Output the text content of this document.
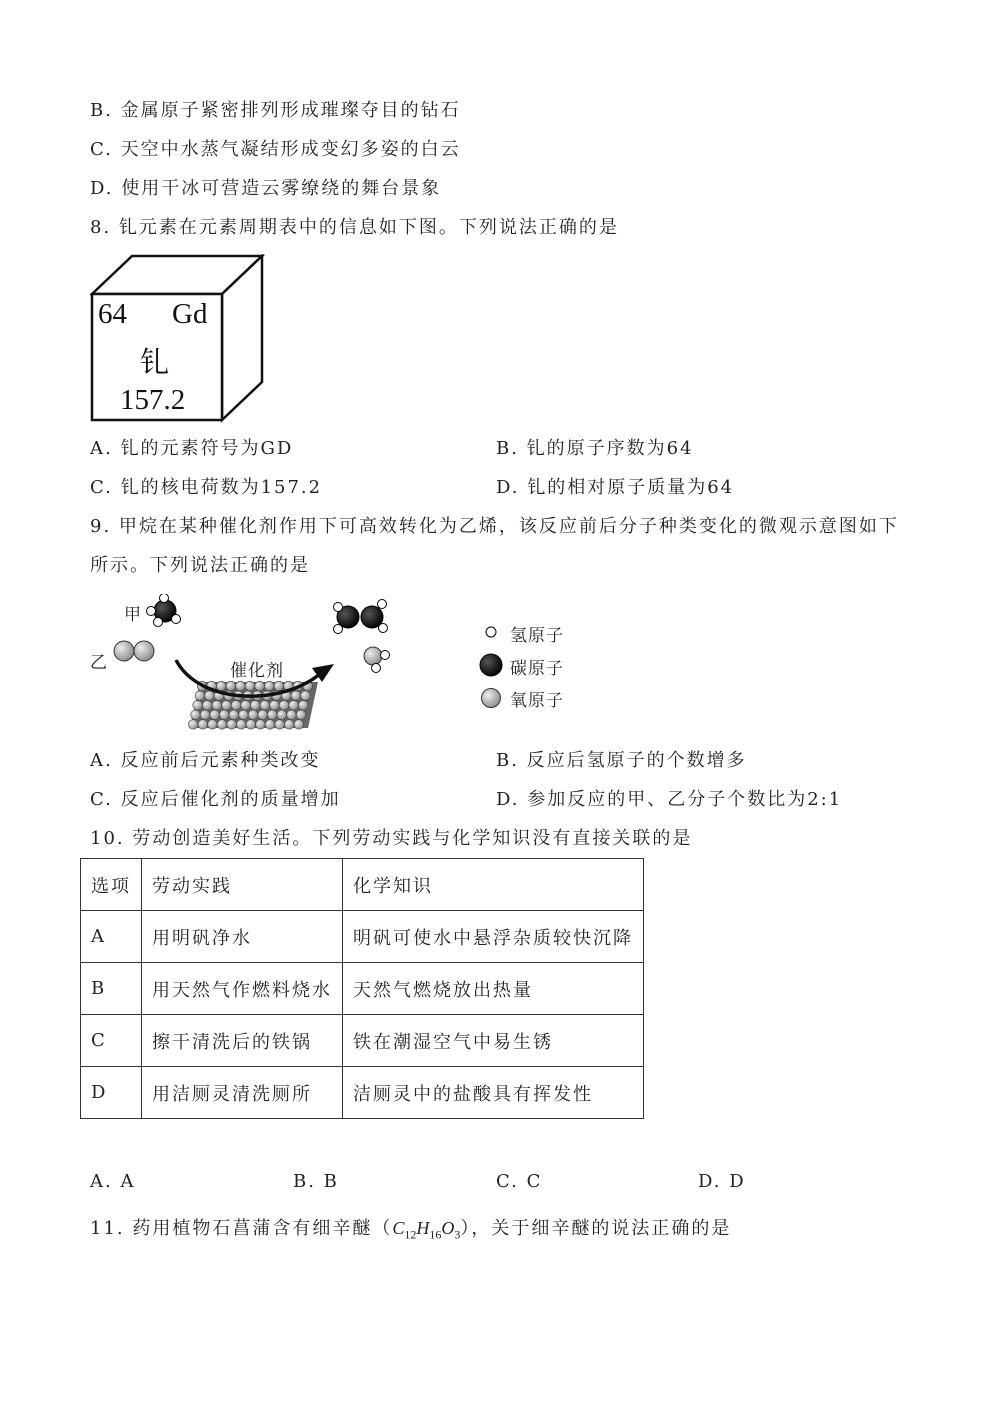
B. 金属原子紧密排列形成璀璨夺目的钻石
C. 天空中水蒸气凝结形成变幻多姿的白云
D. 使用干冰可营造云雾缭绕的舞台景象
8. 钆元素在元素周期表中的信息如下图。下列说法正确的是
64 Gd
钆
157.2
A. 钆的元素符号为GD	B. 钆的原子序数为64
C. 钆的核电荷数为157.2	D. 钆的相对原子质量为64
9. 甲烷在某种催化剂作用下可高效转化为乙烯，该反应前后分子种类变化的微观示意图如下
所示。下列说法正确的是
甲
乙	催化剂
氢原子
碳原子
氧原子
A. 反应前后元素种类改变	B. 反应后氢原子的个数增多
C. 反应后催化剂的质量增加	D. 参加反应的甲、乙分子个数比为2:1
10. 劳动创造美好生活。下列劳动实践与化学知识没有直接关联的是
选项	劳动实践	化学知识
A	用明矾净水	明矾可使水中悬浮杂质较快沉降
B	用天然气作燃料烧水	天然气燃烧放出热量
C	擦干清洗后的铁锅	铁在潮湿空气中易生锈
D	用洁厕灵清洗厕所	洁厕灵中的盐酸具有挥发性
A. A	B. B	C. C	D. D
11. 药用植物石菖蒲含有细辛醚$(C_{12}H_{16}O_3)$，关于细辛醚的说法正确的是
